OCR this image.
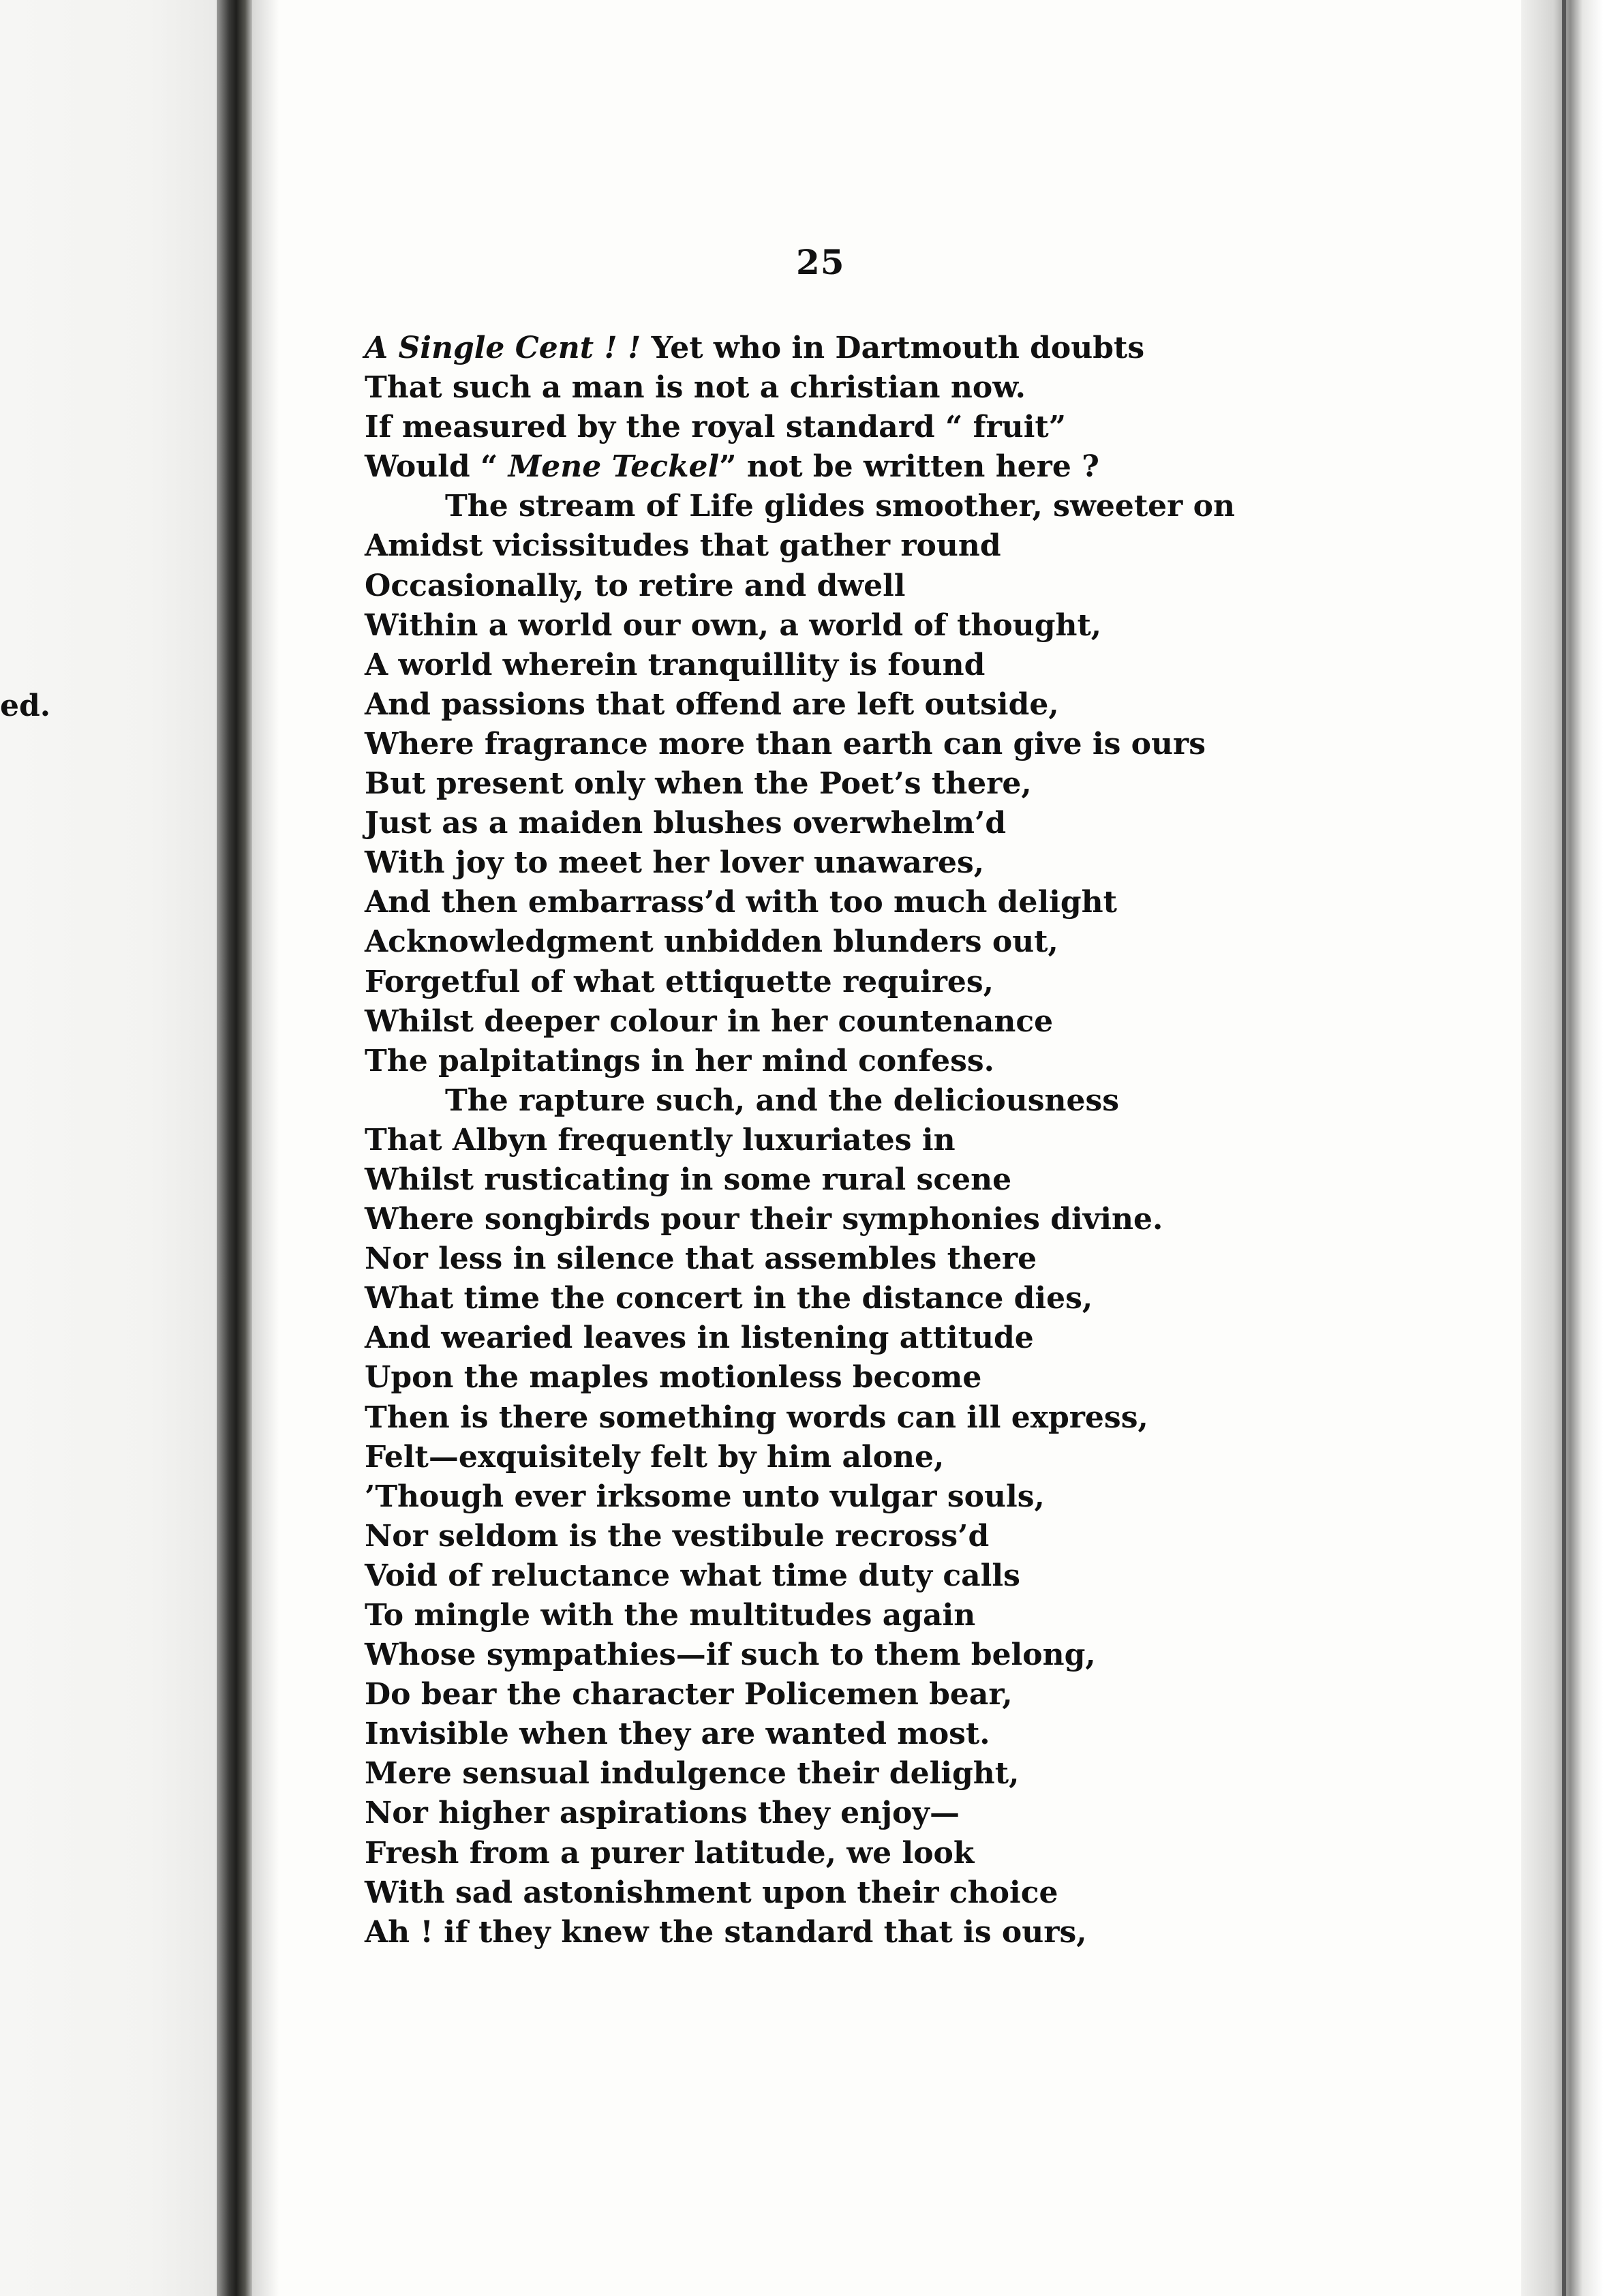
ed.
25
A Single Cent ! ! Yet who in Dartmouth doubts
That such a man is not a christian now.
If measured by the royal standard “ fruit”
Would “ Mene Teckel” not be written here ?
The stream of Life glides smoother, sweeter on
Amidst vicissitudes that gather round
Occasionally, to retire and dwell
Within a world our own, a world of thought,
A world wherein tranquillity is found
And passions that offend are left outside,
Where fragrance more than earth can give is ours
But present only when the Poet’s there,
Just as a maiden blushes overwhelm’d
With joy to meet her lover unawares,
And then embarrass’d with too much delight
Acknowledgment unbidden blunders out,
Forgetful of what ettiquette requires,
Whilst deeper colour in her countenance
The palpitatings in her mind confess.
The rapture such, and the deliciousness
That Albyn frequently luxuriates in
Whilst rusticating in some rural scene
Where songbirds pour their symphonies divine.
Nor less in silence that assembles there
What time the concert in the distance dies,
And wearied leaves in listening attitude
Upon the maples motionless become
Then is there something words can ill express,
Felt—exquisitely felt by him alone,
’Though ever irksome unto vulgar souls,
Nor seldom is the vestibule recross’d
Void of reluctance what time duty calls
To mingle with the multitudes again
Whose sympathies—if such to them belong,
Do bear the character Policemen bear,
Invisible when they are wanted most.
Mere sensual indulgence their delight,
Nor higher aspirations they enjoy—
Fresh from a purer latitude, we look
With sad astonishment upon their choice
Ah ! if they knew the standard that is ours,
